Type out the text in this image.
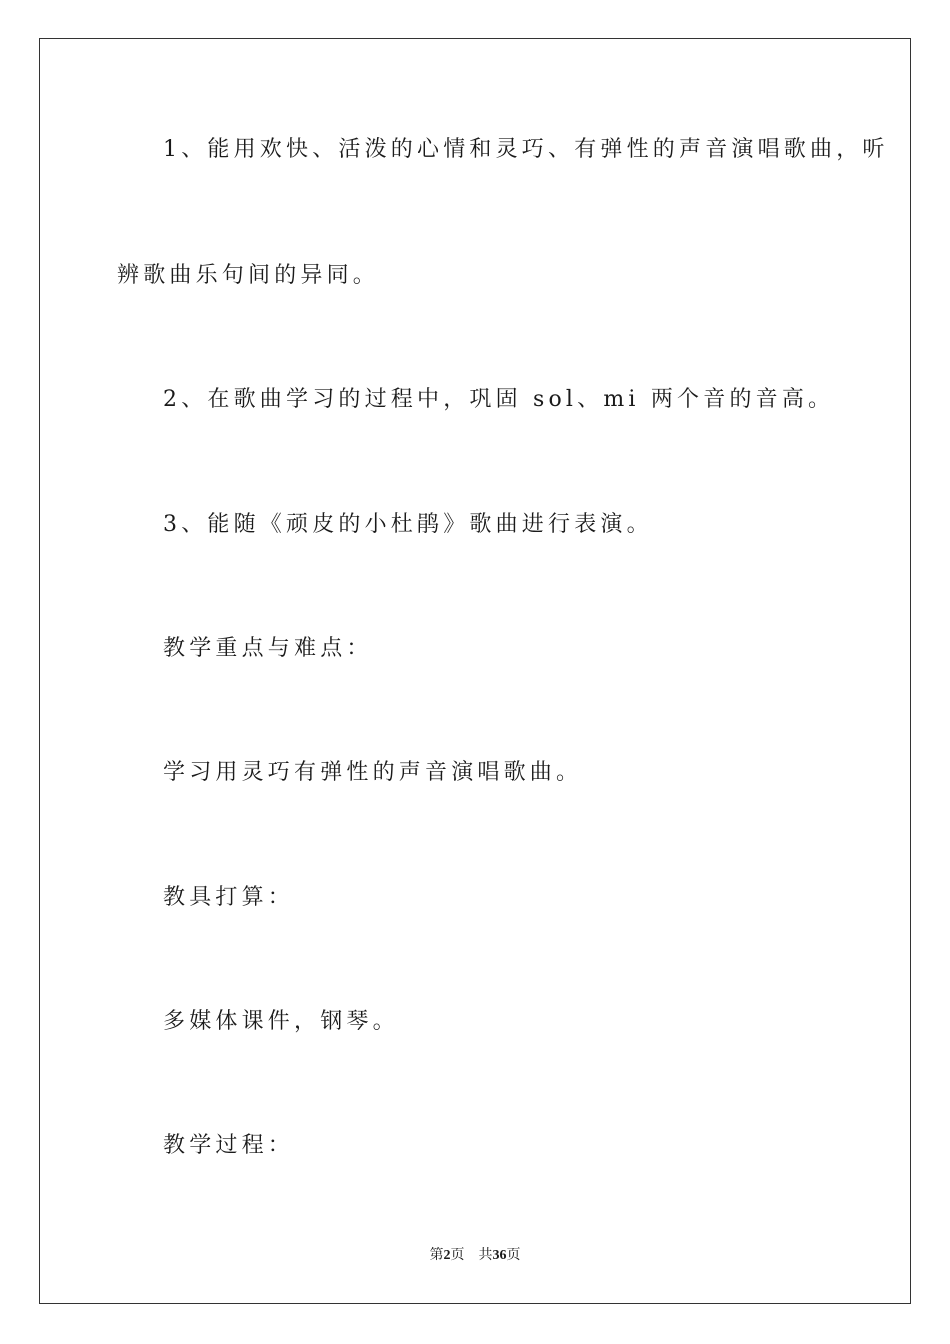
1、能用欢快、活泼的心情和灵巧、有弹性的声音演唱歌曲，听

辨歌曲乐句间的异同。

2、在歌曲学习的过程中，巩固 sol、mi 两个音的音高。

3、能随《顽皮的小杜鹃》歌曲进行表演。

教学重点与难点：

学习用灵巧有弹性的声音演唱歌曲。

教具打算：

多媒体课件，钢琴。

教学过程：

第2页 共36页
